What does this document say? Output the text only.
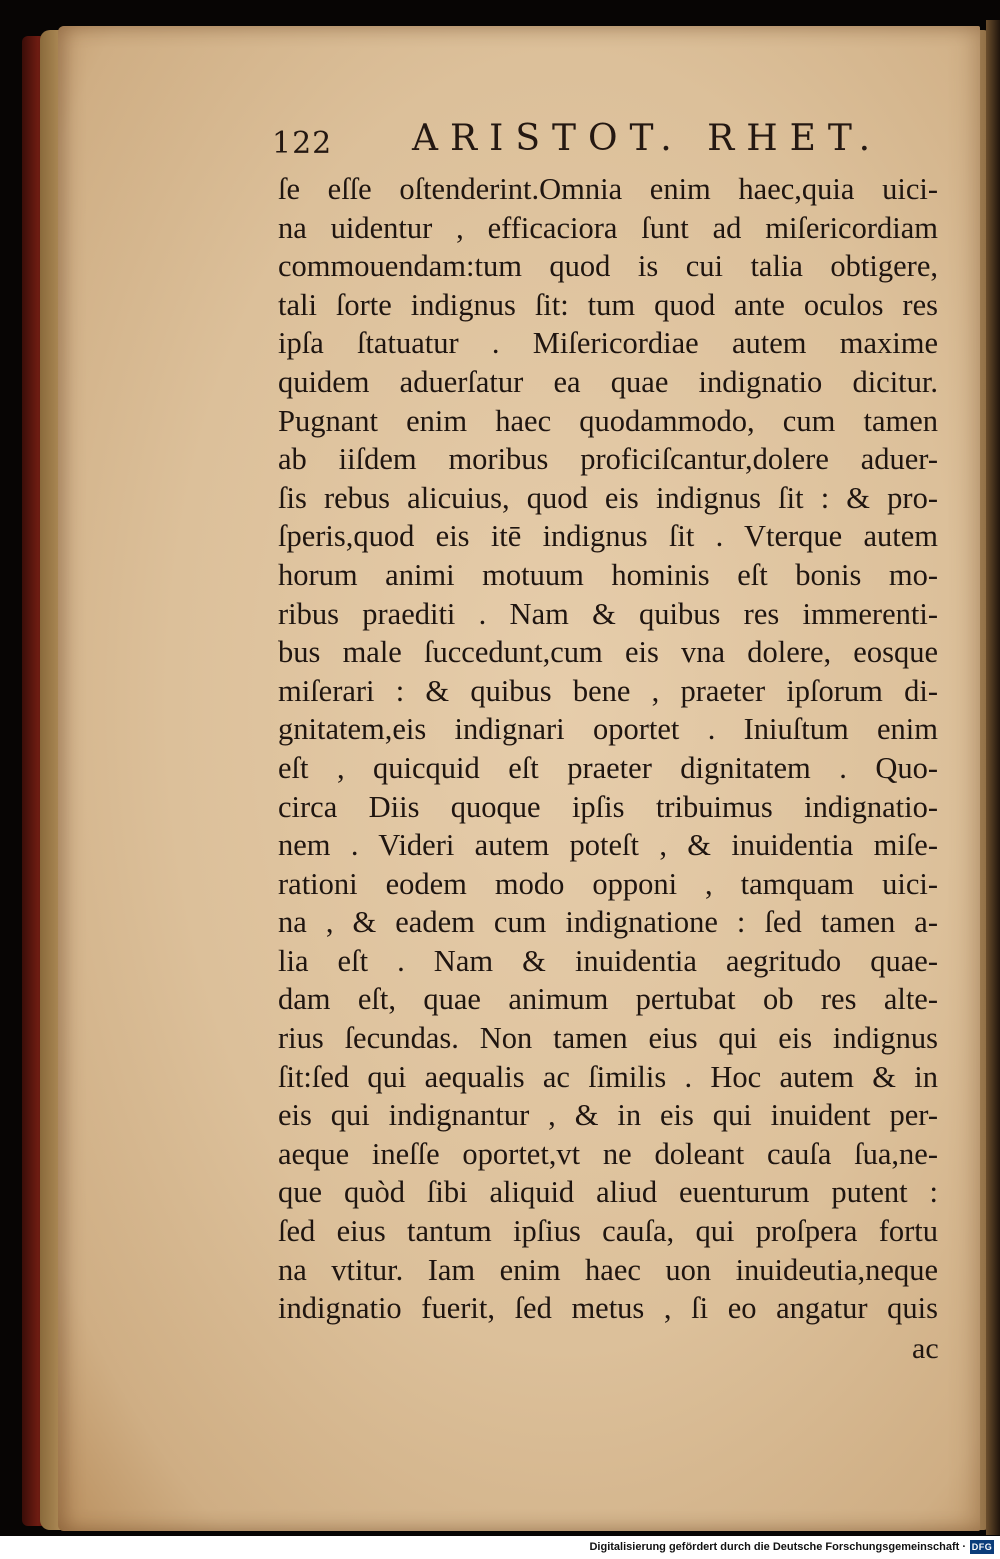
122 ARISTOT. RHET.
ſe eſſe oſtenderint.Omnia enim haec,quia uici-
na uidentur , efficaciora ſunt ad miſericordiam
commouendam:tum quod is cui talia obtigere,
tali ſorte indignus ſit: tum quod ante oculos res
ipſa ſtatuatur . Miſericordiae autem maxime
quidem aduerſatur ea quae indignatio dicitur.
Pugnant enim haec quodammodo, cum tamen
ab iiſdem moribus proficiſcantur,dolere aduer-
ſis rebus alicuius, quod eis indignus ſit : & pro-
ſperis,quod eis itē indignus ſit . Vterque autem
horum animi motuum hominis eſt bonis mo-
ribus praediti . Nam & quibus res immerenti-
bus male ſuccedunt,cum eis vna dolere, eosque
miſerari : & quibus bene , praeter ipſorum di-
gnitatem,eis indignari oportet . Iniuſtum enim
eſt , quicquid eſt praeter dignitatem . Quo-
circa Diis quoque ipſis tribuimus indignatio-
nem . Videri autem poteſt , & inuidentia miſe-
rationi eodem modo opponi , tamquam uici-
na , & eadem cum indignatione : ſed tamen a-
lia eſt . Nam & inuidentia aegritudo quae-
dam eſt, quae animum pertubat ob res alte-
rius ſecundas. Non tamen eius qui eis indignus
ſit:ſed qui aequalis ac ſimilis . Hoc autem & in
eis qui indignantur , & in eis qui inuident per-
aeque ineſſe oportet,vt ne doleant cauſa ſua,ne-
que quòd ſibi aliquid aliud euenturum putent :
ſed eius tantum ipſius cauſa, qui proſpera fortu
na vtitur. Iam enim haec uon inuideutia,neque
indignatio fuerit, ſed metus , ſi eo angatur quis
ac
Digitalisierung gefördert durch die Deutsche Forschungsgemeinschaft · DFG
